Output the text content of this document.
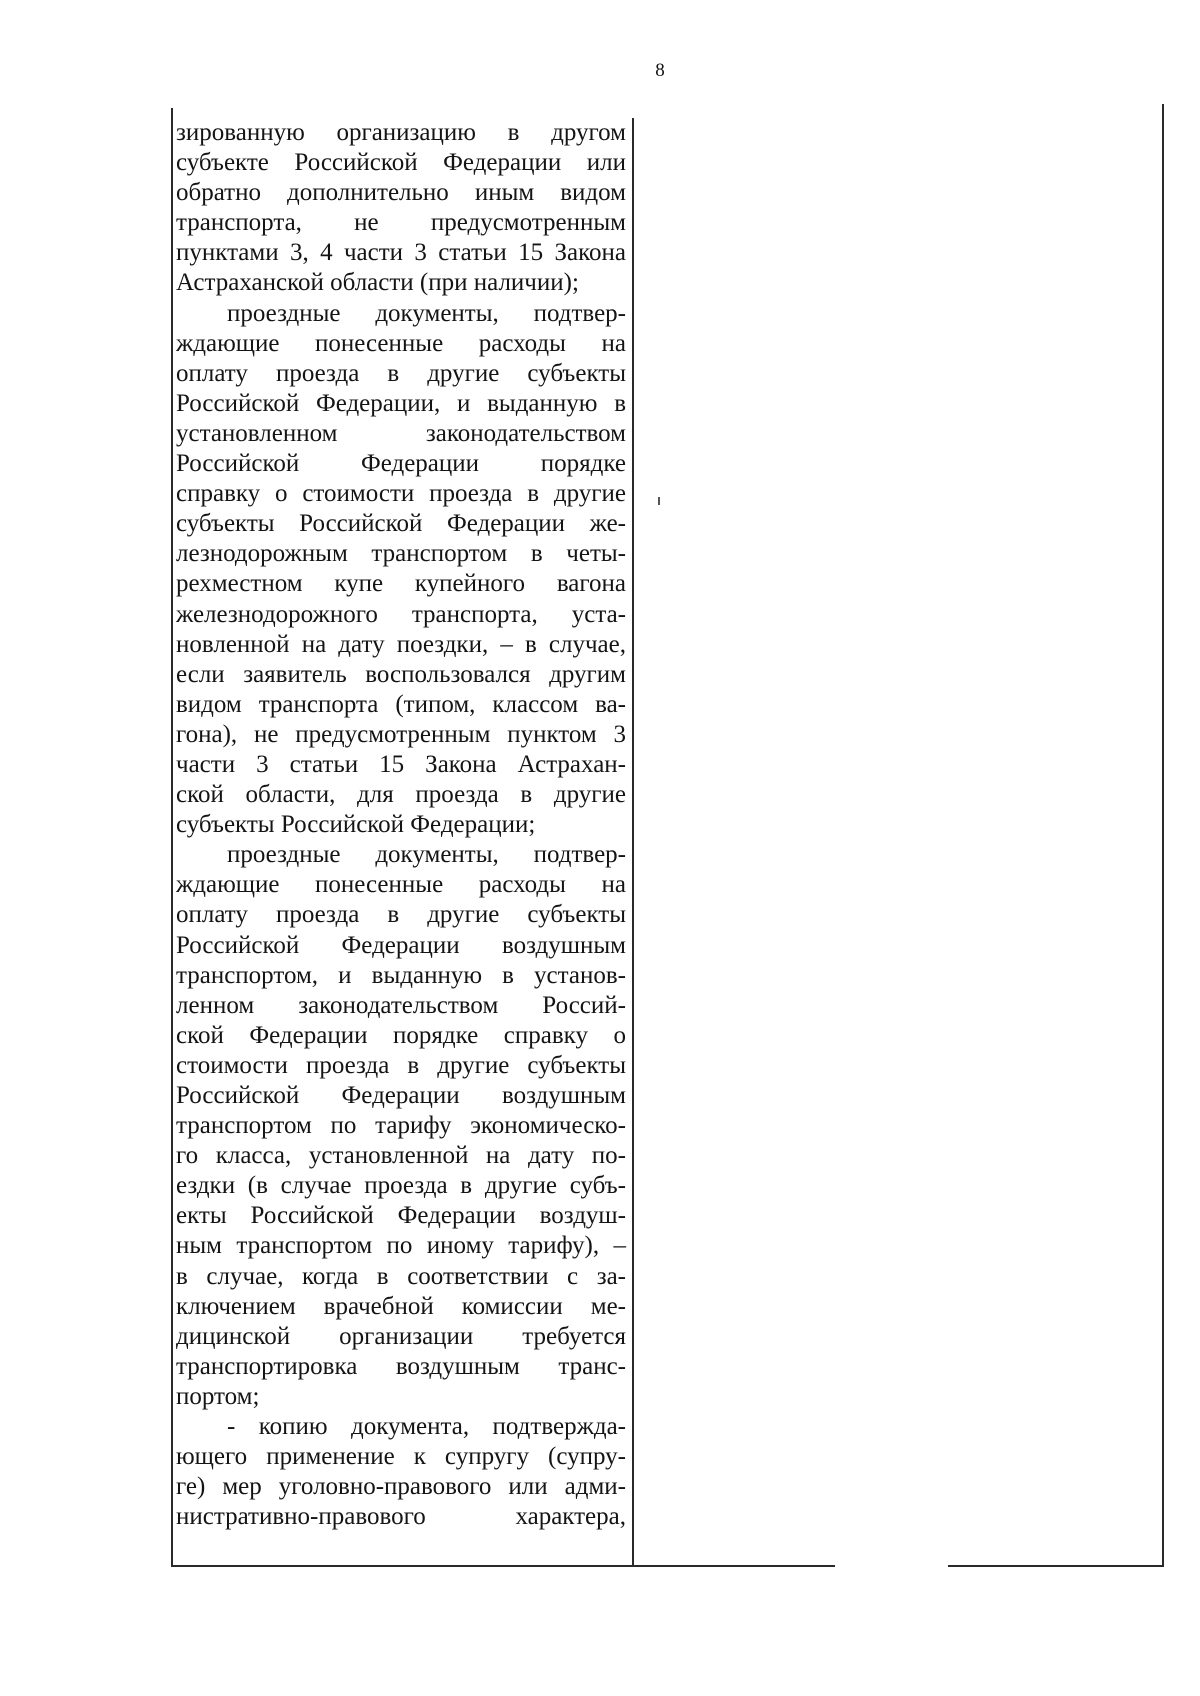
8
зированную организацию в другом
субъекте Российской Федерации или
обратно дополнительно иным видом
транспорта, не предусмотренным
пунктами 3, 4 части 3 статьи 15 Закона
Астраханской области (при наличии);
проездные документы, подтвер-
ждающие понесенные расходы на
оплату проезда в другие субъекты
Российской Федерации, и выданную в
установленном законодательством
Российской Федерации порядке
справку о стоимости проезда в другие
субъекты Российской Федерации же-
лезнодорожным транспортом в четы-
рехместном купе купейного вагона
железнодорожного транспорта, уста-
новленной на дату поездки, – в случае,
если заявитель воспользовался другим
видом транспорта (типом, классом ва-
гона), не предусмотренным пунктом 3
части 3 статьи 15 Закона Астрахан-
ской области, для проезда в другие
субъекты Российской Федерации;
проездные документы, подтвер-
ждающие понесенные расходы на
оплату проезда в другие субъекты
Российской Федерации воздушным
транспортом, и выданную в установ-
ленном законодательством Россий-
ской Федерации порядке справку о
стоимости проезда в другие субъекты
Российской Федерации воздушным
транспортом по тарифу экономическо-
го класса, установленной на дату по-
ездки (в случае проезда в другие субъ-
екты Российской Федерации воздуш-
ным транспортом по иному тарифу), –
в случае, когда в соответствии с за-
ключением врачебной комиссии ме-
дицинской организации требуется
транспортировка воздушным транс-
портом;
- копию документа, подтвержда-
ющего применение к супругу (супру-
ге) мер уголовно-правового или адми-
нистративно-правового характера,
